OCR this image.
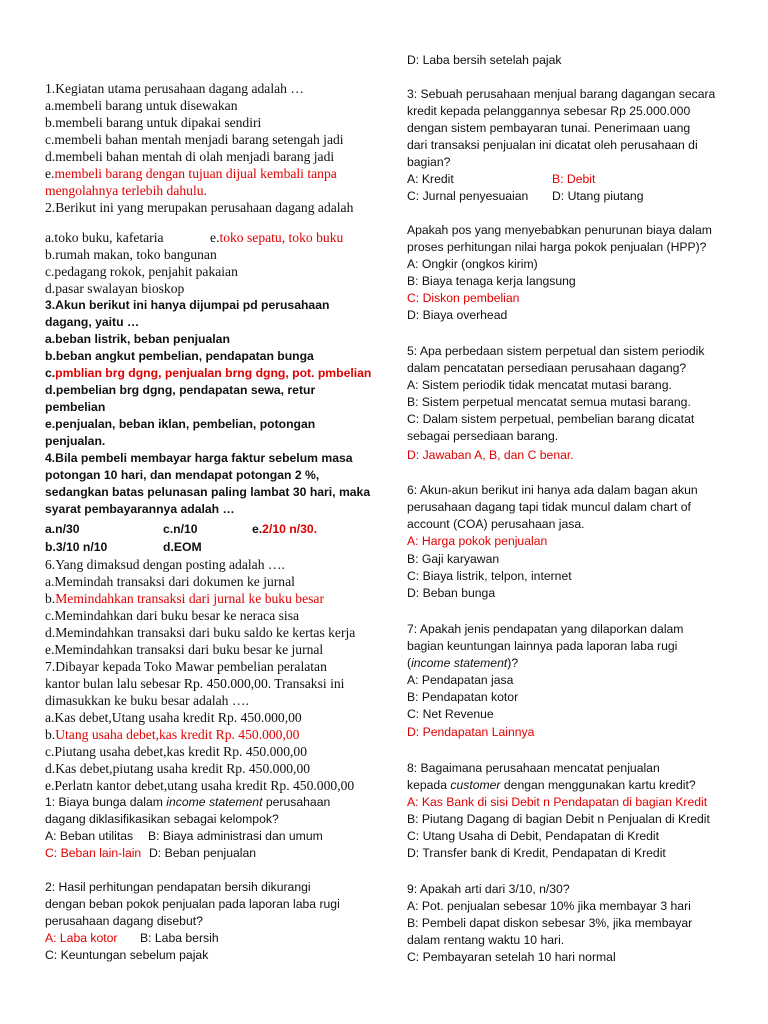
1.Kegiatan utama perusahaan dagang adalah …
a.membeli barang untuk disewakan
b.membeli barang untuk dipakai sendiri
c.membeli bahan mentah menjadi barang setengah jadi
d.membeli bahan mentah di olah menjadi barang jadi
e.membeli barang dengan tujuan dijual kembali tanpa
mengolahnya terlebih dahulu.
2.Berikut ini yang merupakan perusahaan dagang adalah
a.toko buku, kafetaria	e.toko sepatu, toko buku
b.rumah makan, toko bangunan
c.pedagang rokok, penjahit pakaian
d.pasar swalayan bioskop
3.Akun berikut ini hanya dijumpai pd perusahaan
dagang, yaitu …
a.beban listrik, beban penjualan
b.beban angkut pembelian, pendapatan bunga
c.pmblian brg dgng, penjualan brng dgng, pot. pmbelian
d.pembelian brg dgng, pendapatan sewa, retur
pembelian
e.penjualan, beban iklan, pembelian, potongan
penjualan.
4.Bila pembeli membayar harga faktur sebelum masa
potongan 10 hari, dan mendapat potongan 2 %,
sedangkan batas pelunasan paling lambat 30 hari, maka
syarat pembayarannya adalah …
a.n/30	c.n/10	e.2/10 n/30.
b.3/10 n/10	d.EOM
6.Yang dimaksud dengan posting adalah ….
a.Memindah transaksi dari dokumen ke jurnal
b.Memindahkan transaksi dari jurnal ke buku besar
c.Memindahkan dari buku besar ke neraca sisa
d.Memindahkan transaksi dari buku saldo ke kertas kerja
e.Memindahkan transaksi dari buku besar ke jurnal
7.Dibayar kepada Toko Mawar pembelian peralatan
kantor bulan lalu sebesar Rp. 450.000,00. Transaksi ini
dimasukkan ke buku besar adalah ….
a.Kas debet,Utang usaha kredit Rp. 450.000,00
b.Utang usaha debet,kas kredit Rp. 450.000,00
c.Piutang usaha debet,kas kredit Rp. 450.000,00
d.Kas debet,piutang usaha kredit Rp. 450.000,00
e.Perlatn kantor debet,utang usaha kredit Rp. 450.000,00
1: Biaya bunga dalam income statement perusahaan
dagang diklasifikasikan sebagai kelompok?
A: Beban utilitas B: Biaya administrasi dan umum
C: Beban lain-lain D: Beban penjualan
2: Hasil perhitungan pendapatan bersih dikurangi
dengan beban pokok penjualan pada laporan laba rugi
perusahaan dagang disebut?
A: Laba kotor B: Laba bersih
C: Keuntungan sebelum pajak
D: Laba bersih setelah pajak
3: Sebuah perusahaan menjual barang dagangan secara
kredit kepada pelanggannya sebesar Rp 25.000.000
dengan sistem pembayaran tunai. Penerimaan uang
dari transaksi penjualan ini dicatat oleh perusahaan di
bagian?
A: Kredit	B: Debit
C: Jurnal penyesuaian D: Utang piutang
Apakah pos yang menyebabkan penurunan biaya dalam
proses perhitungan nilai harga pokok penjualan (HPP)?
A: Ongkir (ongkos kirim)
B: Biaya tenaga kerja langsung
C: Diskon pembelian
D: Biaya overhead
5: Apa perbedaan sistem perpetual dan sistem periodik
dalam pencatatan persediaan perusahaan dagang?
A: Sistem periodik tidak mencatat mutasi barang.
B: Sistem perpetual mencatat semua mutasi barang.
C: Dalam sistem perpetual, pembelian barang dicatat
sebagai persediaan barang.
D: Jawaban A, B, dan C benar.
6: Akun-akun berikut ini hanya ada dalam bagan akun
perusahaan dagang tapi tidak muncul dalam chart of
account (COA) perusahaan jasa.
A: Harga pokok penjualan
B: Gaji karyawan
C: Biaya listrik, telpon, internet
D: Beban bunga
7: Apakah jenis pendapatan yang dilaporkan dalam
bagian keuntungan lainnya pada laporan laba rugi
(income statement)?
A: Pendapatan jasa
B: Pendapatan kotor
C: Net Revenue
D: Pendapatan Lainnya
8: Bagaimana perusahaan mencatat penjualan
kepada customer dengan menggunakan kartu kredit?
A: Kas Bank di sisi Debit n Pendapatan di bagian Kredit
B: Piutang Dagang di bagian Debit n Penjualan di Kredit
C: Utang Usaha di Debit, Pendapatan di Kredit
D: Transfer bank di Kredit, Pendapatan di Kredit
9: Apakah arti dari 3/10, n/30?
A: Pot. penjualan sebesar 10% jika membayar 3 hari
B: Pembeli dapat diskon sebesar 3%, jika membayar
dalam rentang waktu 10 hari.
C: Pembayaran setelah 10 hari normal
